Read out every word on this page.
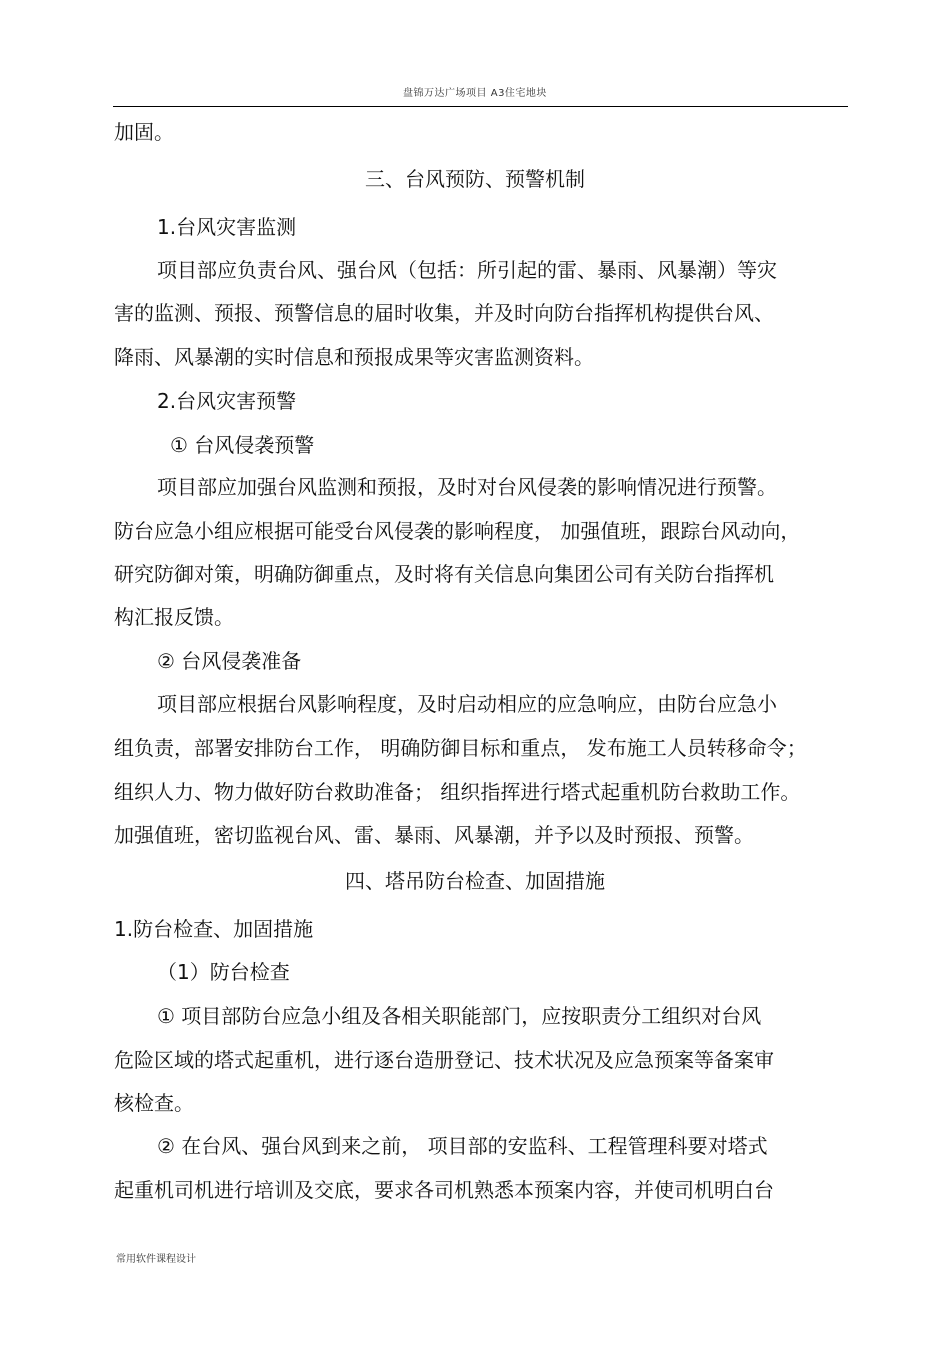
盘锦万达广场项目 A3住宅地块
加固。
三、台风预防、预警机制
1.台风灾害监测
项目部应负责台风、强台风（包括：所引起的雷、暴雨、风暴潮）等灾
害的监测、预报、预警信息的届时收集，并及时向防台指挥机构提供台风、
降雨、风暴潮的实时信息和预报成果等灾害监测资料。
2.台风灾害预警
① 台风侵袭预警
项目部应加强台风监测和预报，及时对台风侵袭的影响情况进行预警。
防台应急小组应根据可能受台风侵袭的影响程度， 加强值班，跟踪台风动向，
研究防御对策，明确防御重点，及时将有关信息向集团公司有关防台指挥机
构汇报反馈。
② 台风侵袭准备
项目部应根据台风影响程度，及时启动相应的应急响应，由防台应急小
组负责，部署安排防台工作， 明确防御目标和重点， 发布施工人员转移命令；
组织人力、物力做好防台救助准备； 组织指挥进行塔式起重机防台救助工作。
加强值班，密切监视台风、雷、暴雨、风暴潮，并予以及时预报、预警。
四、塔吊防台检查、加固措施
1.防台检查、加固措施
（1）防台检查
① 项目部防台应急小组及各相关职能部门，应按职责分工组织对台风
危险区域的塔式起重机，进行逐台造册登记、技术状况及应急预案等备案审
核检查。
② 在台风、强台风到来之前， 项目部的安监科、工程管理科要对塔式
起重机司机进行培训及交底，要求各司机熟悉本预案内容，并使司机明白台
常用软件课程设计
